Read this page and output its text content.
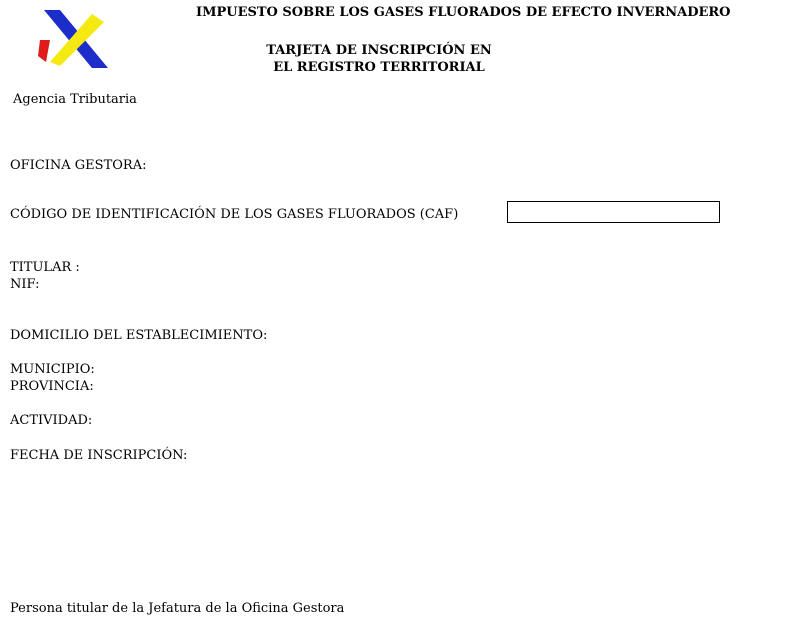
Agencia Tributaria
IMPUESTO SOBRE LOS GASES FLUORADOS DE EFECTO INVERNADERO
TARJETA DE INSCRIPCIÓN EN
EL REGISTRO TERRITORIAL
OFICINA GESTORA:
CÓDIGO DE IDENTIFICACIÓN DE LOS GASES FLUORADOS (CAF)
TITULAR :
NIF:
DOMICILIO DEL ESTABLECIMIENTO:
MUNICIPIO:
PROVINCIA:
ACTIVIDAD:
FECHA DE INSCRIPCIÓN:
Persona titular de la Jefatura de la Oficina Gestora
